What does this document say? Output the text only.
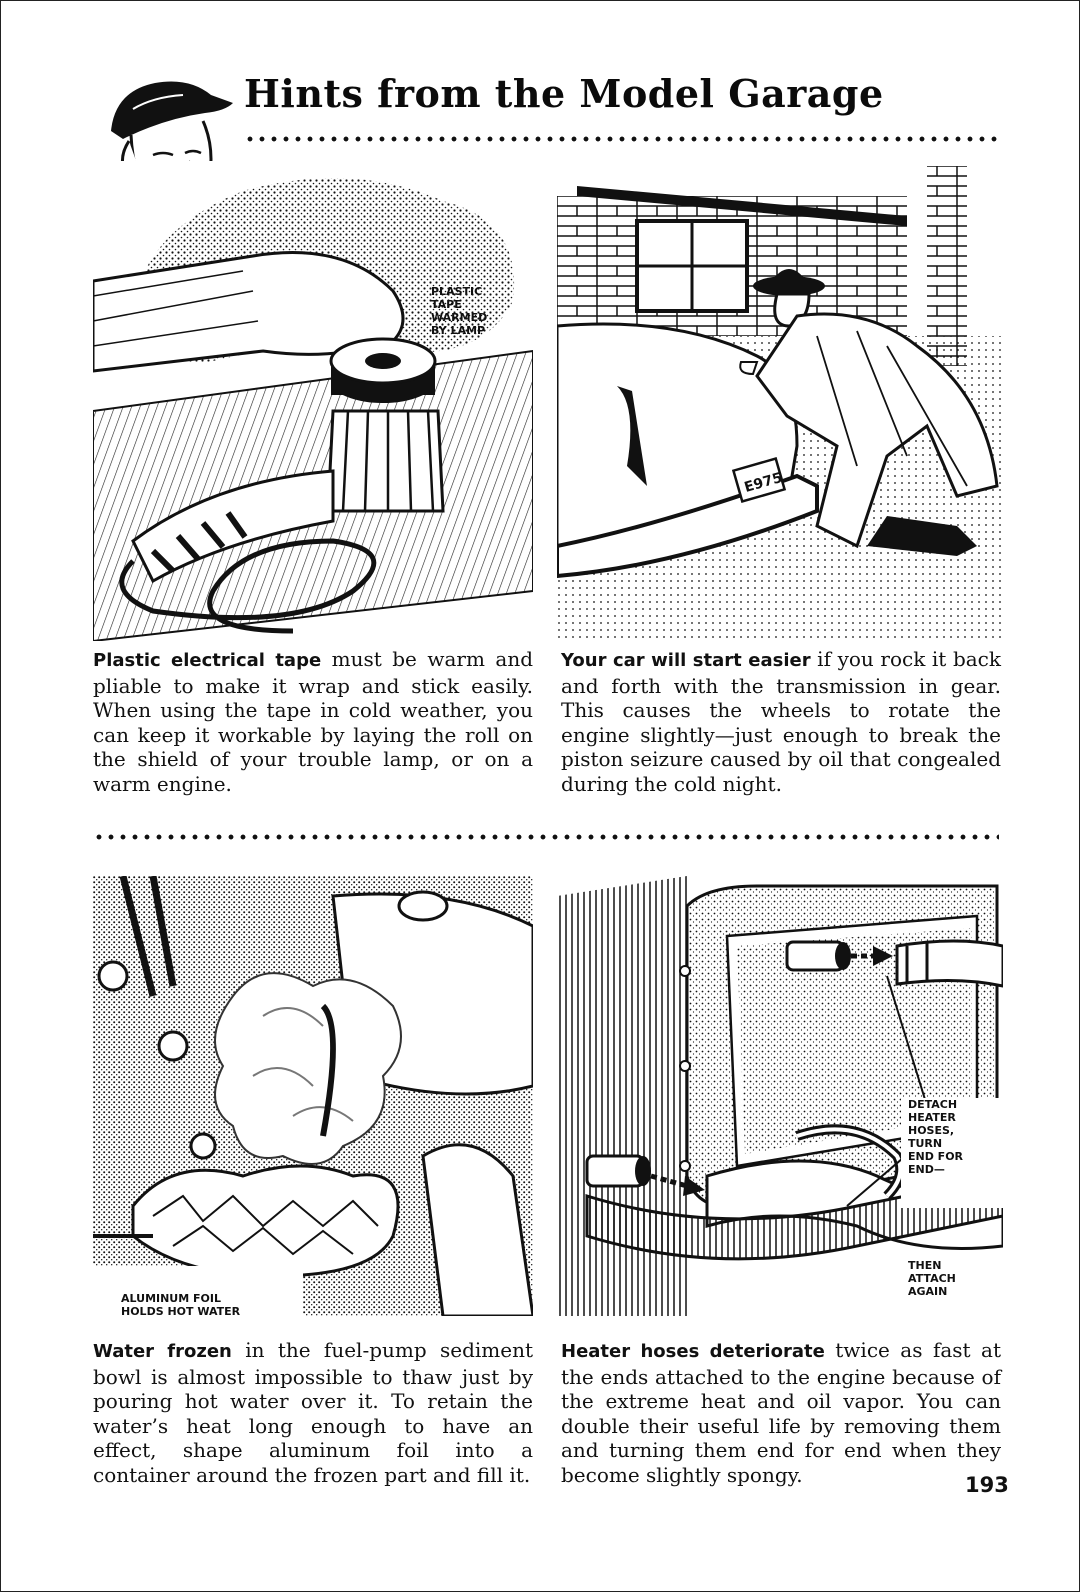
Hints from the Model Garage

PLASTIC
TAPE
WARMED
BY LAMP

E975

Plastic electrical tape must be warm and pliable to make it wrap and stick easily. When using the tape in cold weather, you can keep it workable by laying the roll on the shield of your trouble lamp, or on a warm engine.

Your car will start easier if you rock it back and forth with the transmission in gear. This causes the wheels to rotate the engine slightly—just enough to break the piston seizure caused by oil that congealed during the cold night.

ALUMINUM FOIL
HOLDS HOT WATER

DETACH
HEATER
HOSES,
TURN
END FOR
END—

THEN
ATTACH
AGAIN

Water frozen in the fuel-pump sediment bowl is almost impossible to thaw just by pouring hot water over it. To retain the water’s heat long enough to have an effect, shape aluminum foil into a container around the frozen part and fill it.

Heater hoses deteriorate twice as fast at the ends attached to the engine because of the extreme heat and oil vapor. You can double their useful life by removing them and turning them end for end when they become slightly spongy.	193
